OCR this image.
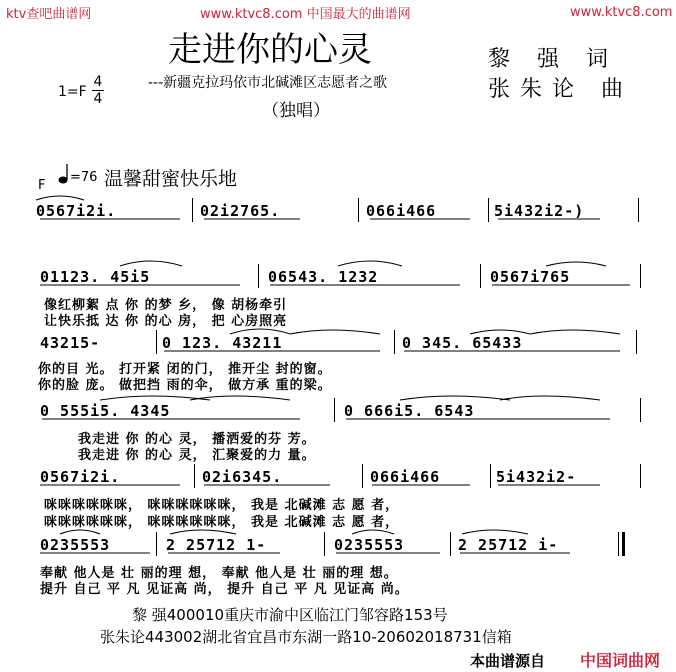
ktv查吧曲谱网	www.ktvc8.com 中国最大的曲谱网	www.ktvc8.com
走进你的心灵
---新疆克拉玛依市北碱滩区志愿者之歌
（独唱）
黎 强 词
张朱论 曲
1=F
4
4
F
=76 温馨甜蜜快乐地
0567i2i.	02i2765.	066i466	5i432i2-)
01123. 45i5	06543. 1232	0567i765
像红柳絮 点 你 的梦 乡， 像 胡杨牵引
让快乐抵 达 你 的心 房， 把 心房照亮
43215-	0 123. 43211	0 345. 65433
你的目 光。 打开紧 闭的门， 推开尘 封的窗。
你的脸 庞。 做把挡 雨的伞， 做方承 重的梁。
0 555i5. 4345	0 666i5. 6543
我走进 你 的心 灵， 播洒爱的芬 芳。
我走进 你 的心 灵， 汇聚爱的力 量。
0567i2i.	02i6345.	066i466	5i432i2-
咪咪咪咪咪咪， 咪咪咪咪咪咪， 我是 北碱滩 志 愿 者，
咪咪咪咪咪咪， 咪咪咪咪咪咪， 我是 北碱滩 志 愿 者，
0235553	2 25712 1-	0235553	2 25712 i-
奉献 他人是 壮 丽的理 想， 奉献 他人是 壮 丽的理 想。
提升 自己 平 凡 见证高 尚， 提升 自己 平 凡 见证高 尚。
黎 强400010重庆市渝中区临江门邹容路153号
张朱论443002湖北省宜昌市东湖一路10-20602018731信箱
本曲谱源自 中国词曲网
